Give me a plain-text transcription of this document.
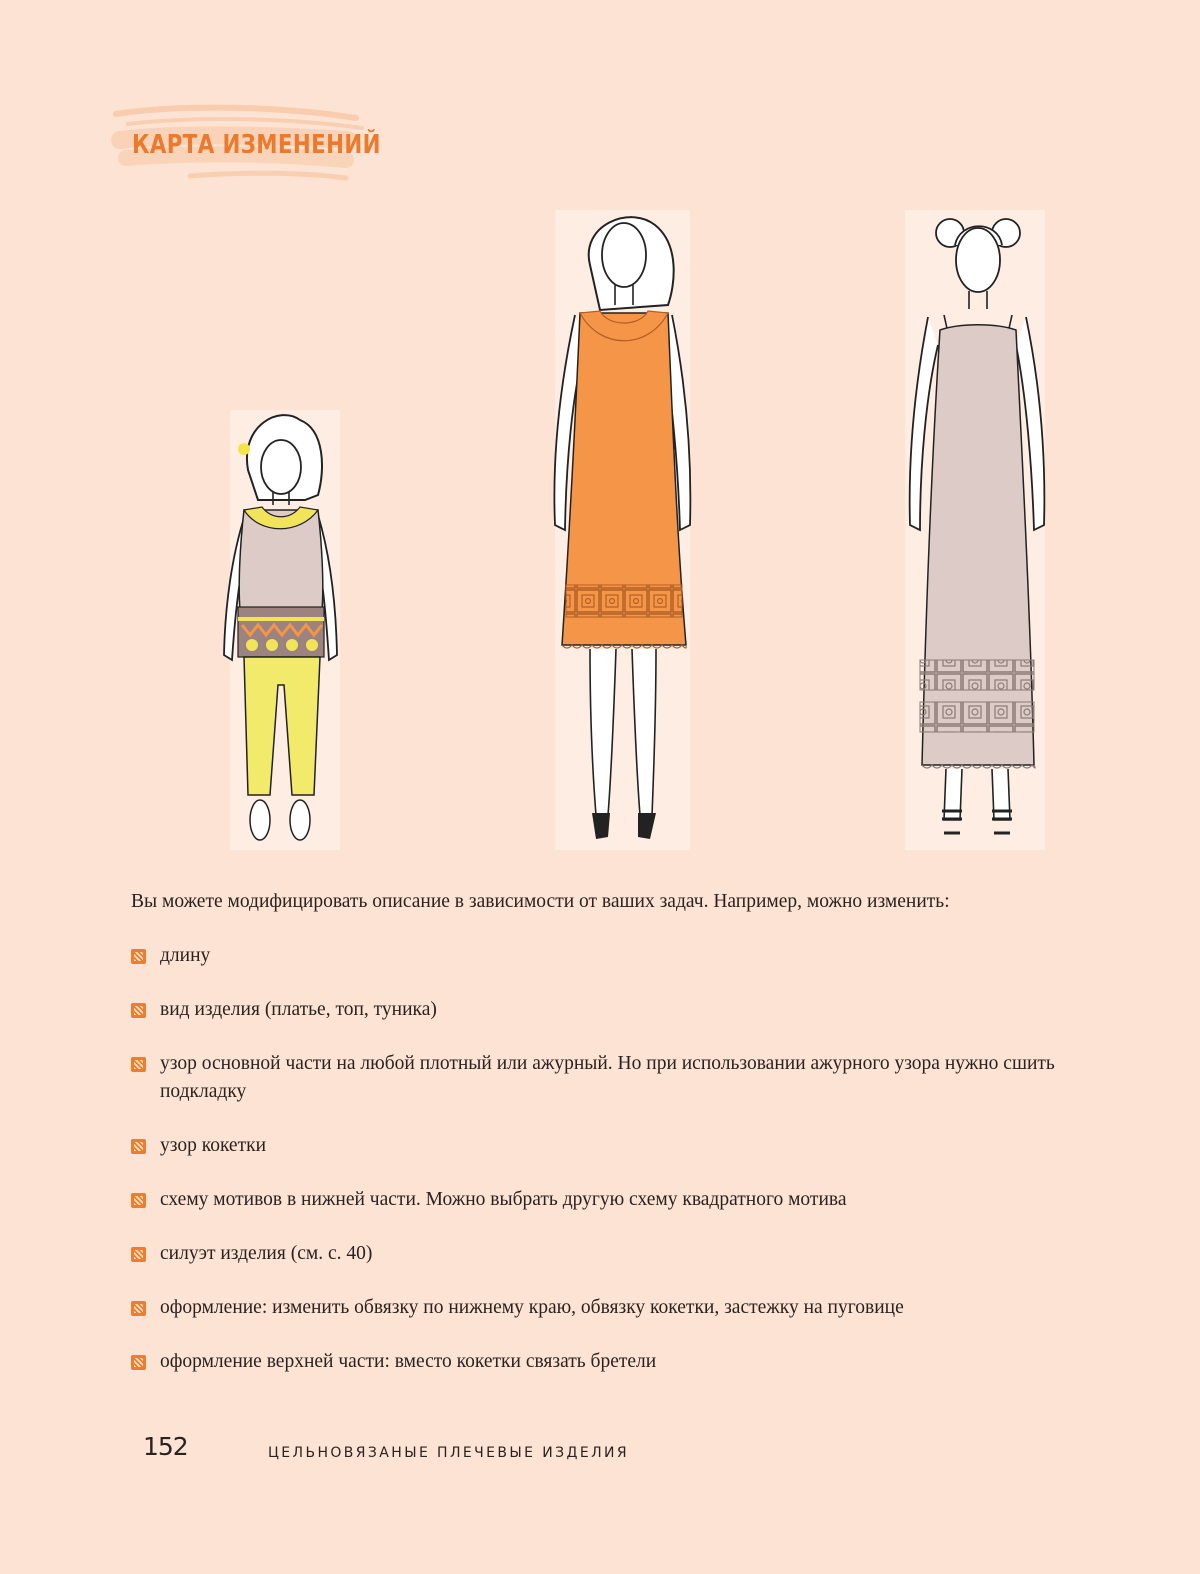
КАРТА ИЗМЕНЕНИЙ
Вы можете модифицировать описание в зависимости от ваших задач. Например, можно изменить:
длину
вид изделия (платье, топ, туника)
узор основной части на любой плотный или ажурный. Но при использовании ажурного узора нужно сшить подкладку
узор кокетки
схему мотивов в нижней части. Можно выбрать другую схему квадратного мотива
силуэт изделия (см. с. 40)
оформление: изменить обвязку по нижнему краю, обвязку кокетки, застежку на пуговице
оформление верхней части: вместо кокетки связать бретели
152	ЦЕЛЬНОВЯЗАНЫЕ ПЛЕЧЕВЫЕ ИЗДЕЛИЯ
